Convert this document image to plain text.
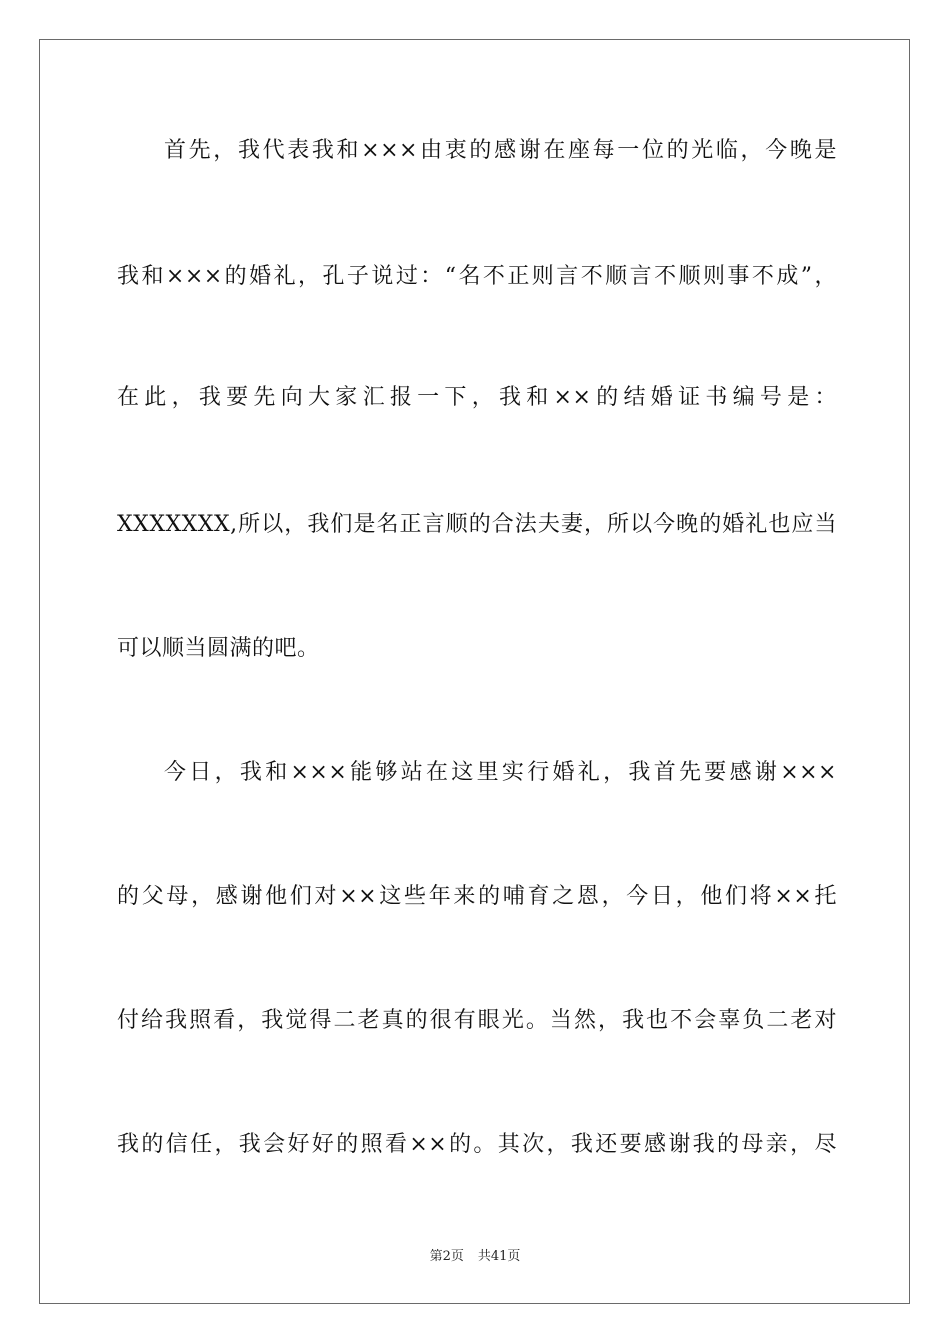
首先，我代表我和×××由衷的感谢在座每一位的光临，今晚是
我和×××的婚礼，孔子说过：“名不正则言不顺言不顺则事不成”，
在此，我要先向大家汇报一下，我和××的结婚证书编号是：
XXXXXXX,所以，我们是名正言顺的合法夫妻，所以今晚的婚礼也应当
可以顺当圆满的吧。
今日，我和×××能够站在这里实行婚礼，我首先要感谢×××
的父母，感谢他们对××这些年来的哺育之恩，今日，他们将××托
付给我照看，我觉得二老真的很有眼光。当然，我也不会辜负二老对
我的信任，我会好好的照看××的。其次，我还要感谢我的母亲，尽
第2页 共41页
